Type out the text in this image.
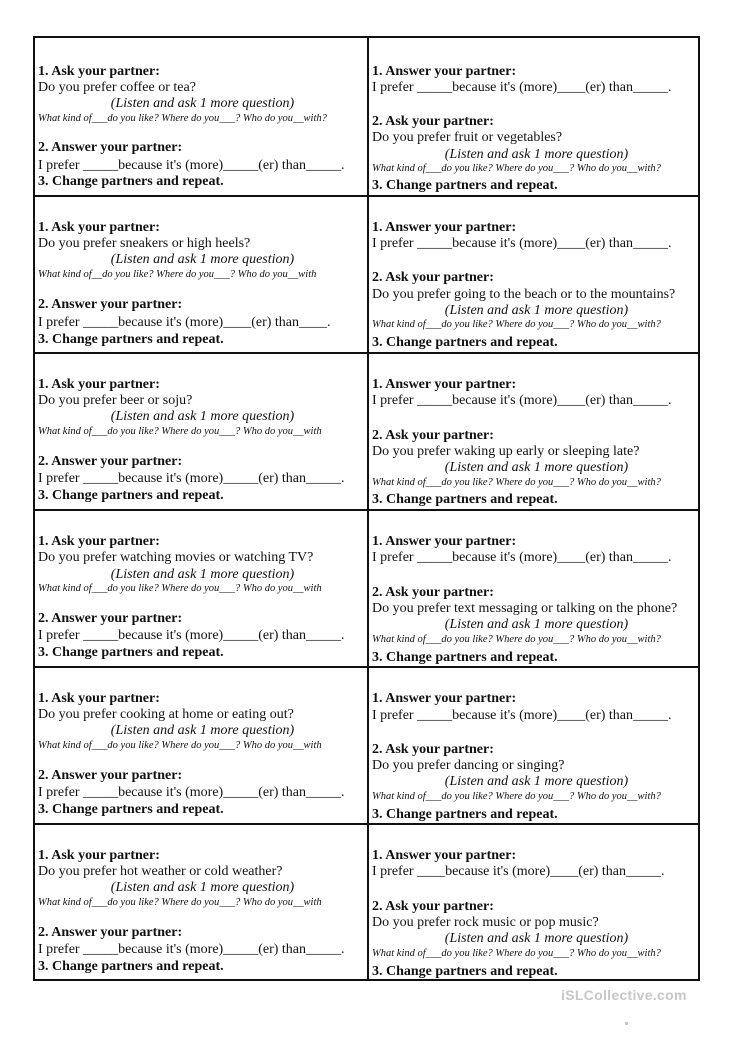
1. Ask your partner:
Do you prefer coffee or tea?
(Listen and ask 1 more question)
What kind of___do you like? Where do you___? Who do you__with?
2. Answer your partner:
I prefer _____because it's (more)_____(er) than_____.
3. Change partners and repeat.
1. Answer your partner:
I prefer _____because it's (more)____(er) than_____.
2. Ask your partner:
Do you prefer fruit or vegetables?
(Listen and ask 1 more question)
What kind of___do you like? Where do you___? Who do you__with?
3. Change partners and repeat.
1. Ask your partner:
Do you prefer sneakers or high heels?
(Listen and ask 1 more question)
What kind of__do you like? Where do you___? Who do you__with
2. Answer your partner:
I prefer _____because it's (more)____(er) than____.
3. Change partners and repeat.
1. Answer your partner:
I prefer _____because it's (more)____(er) than_____.
2. Ask your partner:
Do you prefer going to the beach or to the mountains?
(Listen and ask 1 more question)
What kind of___do you like? Where do you___? Who do you__with?
3. Change partners and repeat.
1. Ask your partner:
Do you prefer beer or soju?
(Listen and ask 1 more question)
What kind of___do you like? Where do you___? Who do you__with
2. Answer your partner:
I prefer _____because it's (more)_____(er) than_____.
3. Change partners and repeat.
1. Answer your partner:
I prefer _____because it's (more)____(er) than_____.
2. Ask your partner:
Do you prefer waking up early or sleeping late?
(Listen and ask 1 more question)
What kind of___do you like? Where do you___? Who do you__with?
3. Change partners and repeat.
1. Ask your partner:
Do you prefer watching movies or watching TV?
(Listen and ask 1 more question)
What kind of___do you like? Where do you___? Who do you__with
2. Answer your partner:
I prefer _____because it's (more)_____(er) than_____.
3. Change partners and repeat.
1. Answer your partner:
I prefer _____because it's (more)____(er) than_____.
2. Ask your partner:
Do you prefer text messaging or talking on the phone?
(Listen and ask 1 more question)
What kind of___do you like? Where do you___? Who do you__with?
3. Change partners and repeat.
1. Ask your partner:
Do you prefer cooking at home or eating out?
(Listen and ask 1 more question)
What kind of___do you like? Where do you___? Who do you__with
2. Answer your partner:
I prefer _____because it's (more)_____(er) than_____.
3. Change partners and repeat.
1. Answer your partner:
I prefer _____because it's (more)____(er) than_____.
2. Ask your partner:
Do you prefer dancing or singing?
(Listen and ask 1 more question)
What kind of___do you like? Where do you___? Who do you__with?
3. Change partners and repeat.
1. Ask your partner:
Do you prefer hot weather or cold weather?
(Listen and ask 1 more question)
What kind of___do you like? Where do you___? Who do you__with
2. Answer your partner:
I prefer _____because it's (more)_____(er) than_____.
3. Change partners and repeat.
1. Answer your partner:
I prefer ____because it's (more)____(er) than_____.
2. Ask your partner:
Do you prefer rock music or pop music?
(Listen and ask 1 more question)
What kind of___do you like? Where do you___? Who do you__with?
3. Change partners and repeat.
iSLCollective.com
